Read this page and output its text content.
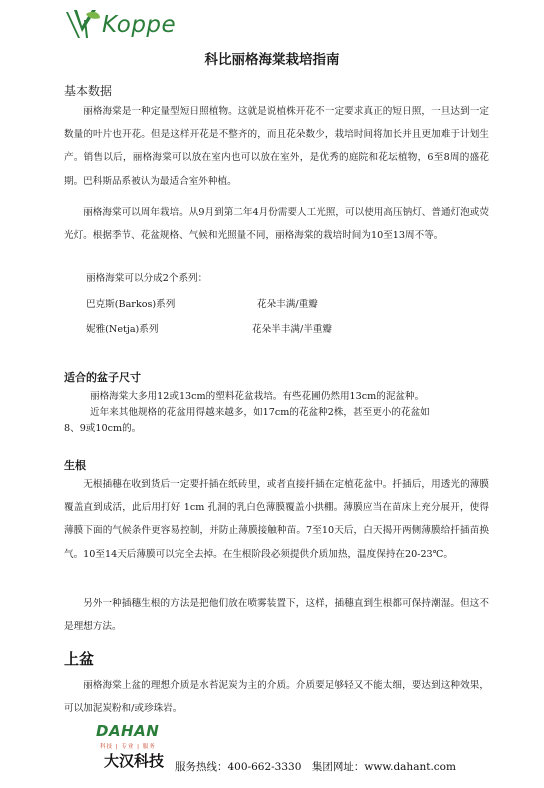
Koppe
科比丽格海棠栽培指南
基本数据

丽格海棠是一种定量型短日照植物。这就是说植株开花不一定要求真正的短日照，一旦达到一定数量的叶片也开花。但是这样开花是不整齐的，而且花朵数少，栽培时间将加长并且更加难于计划生产。销售以后，丽格海棠可以放在室内也可以放在室外，是优秀的庭院和花坛植物，6至8周的盛花期。巴科斯品系被认为最适合室外种植。

丽格海棠可以周年栽培。从9月到第二年4月份需要人工光照，可以使用高压钠灯、普通灯泡或荧光灯。根据季节、花盆规格、气候和光照量不同，丽格海棠的栽培时间为10至13周不等。

丽格海棠可以分成2个系列：
巴克斯(Barkos)系列	花朵丰满/重瓣
妮雅(Netja)系列	花朵半丰满/半重瓣
适合的盆子尺寸
丽格海棠大多用12或13cm的塑料花盆栽培。有些花圃仍然用13cm的泥盆种。
近年来其他规格的花盆用得越来越多，如17cm的花盆种2株，甚至更小的花盆如
8、9或10cm的。
生根

无根插穗在收到货后一定要扦插在纸砖里，或者直接扦插在定植花盆中。扦插后，用透光的薄膜覆盖直到成活，此后用打好 1cm 孔洞的乳白色薄膜覆盖小拱棚。薄膜应当在苗床上充分展开，使得薄膜下面的气候条件更容易控制，并防止薄膜接触种苗。7至10天后，白天揭开两侧薄膜给扦插苗换气。10至14天后薄膜可以完全去掉。在生根阶段必须提供介质加热，温度保持在20-23℃。

另外一种插穗生根的方法是把他们放在喷雾装置下，这样，插穗直到生根都可保持潮湿。但这不是理想方法。

上盆

丽格海棠上盆的理想介质是水苔泥炭为主的介质。介质要足够轻又不能太细，要达到这种效果，可以加泥炭粉和/或珍珠岩。

DAHAN
科技 | 专业 | 服务
大汉科技 服务热线：400-662-3330　集团网址：www.dahant.com
